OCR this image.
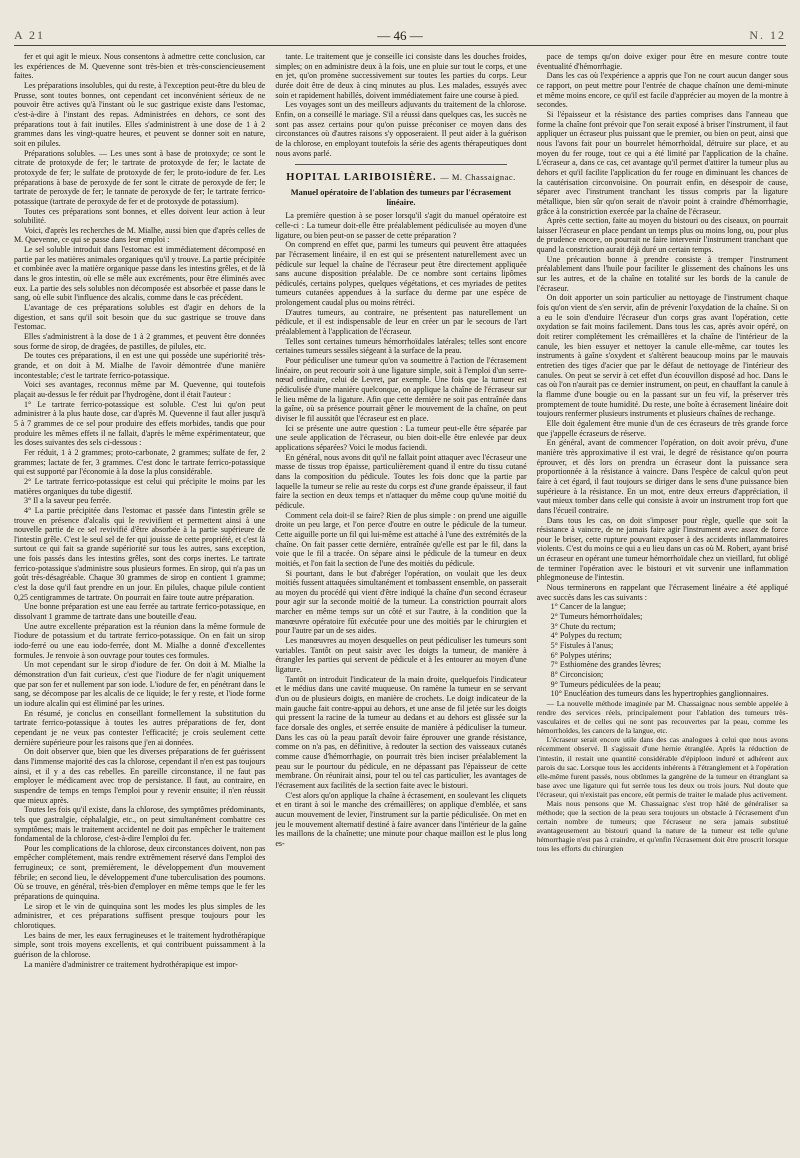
A 21	— 46 —	N. 12

fer et qui agit le mieux. Nous consentons à admettre cette conclusion, car les expériences de M. Quevenne sont très-bien et très-consciencieusement faites.

Les préparations insolubles, qui du reste, à l'exception peut-être du bleu de Prusse, sont toutes bonnes, ont cependant cet inconvénient sérieux de ne pouvoir être actives qu'à l'instant où le suc gastrique existe dans l'estomac, c'est-à-dire à l'instant des repas. Administrées en dehors, ce sont des préparations tout à fait inutiles. Elles s'administrent à une dose de 1 à 2 grammes dans les vingt-quatre heures, et peuvent se donner soit en nature, soit en pilules.

Préparations solubles. — Les unes sont à base de protoxyde; ce sont le citrate de protoxyde de fer; le tartrate de protoxyde de fer; le lactate de protoxyde de fer; le sulfate de protoxyde de fer; le proto-iodure de fer. Les préparations à base de peroxyde de fer sont le citrate de peroxyde de fer; le tartrate de peroxyde de fer; le tannate de peroxyde de fer; le tartrate ferrico-potassique (tartrate de peroxyde de fer et de protoxyde de potassium).

Toutes ces préparations sont bonnes, et elles doivent leur action à leur solubilité.

Voici, d'après les recherches de M. Mialhe, aussi bien que d'après celles de M. Quevenne, ce qui se passe dans leur emploi :

Le sel soluble introduit dans l'estomac est immédiatement décomposé en partie par les matières animales organiques qu'il y trouve. La partie précipitée et combinée avec la matière organique passe dans les intestins grêles, et de là dans le gros intestin, où elle se mêle aux excréments, pour être éliminés avec eux. La partie des sels solubles non décomposée est absorbée et passe dans le sang, où elle subit l'influence des alcalis, comme dans le cas précédent.

L'avantage de ces préparations solubles est d'agir en dehors de la digestion, et sans qu'il soit besoin que du suc gastrique se trouve dans l'estomac.

Elles s'administrent à la dose de 1 à 2 grammes, et peuvent être données sous forme de sirop, de dragées, de pastilles, de pilules, etc.

De toutes ces préparations, il en est une qui possède une supériorité très-grande, et on doit à M. Mialhe de l'avoir démontrée d'une manière incontestable; c'est le tartrate ferrico-potassique.

Voici ses avantages, reconnus même par M. Quevenne, qui toutefois plaçait au-dessus le fer réduit par l'hydrogène, dont il était l'auteur :

1° Le tartrate ferrico-potassique est soluble. C'est lui qu'on peut administrer à la plus haute dose, car d'après M. Quevenne il faut aller jusqu'à 5 à 7 grammes de ce sel pour produire des effets morbides, tandis que pour produire les mêmes effets il ne fallait, d'après le même expérimentateur, que les doses suivantes des sels ci-dessous :

Fer réduit, 1 à 2 grammes; proto-carbonate, 2 grammes; sulfate de fer, 2 grammes; lactate de fer, 3 grammes. C'est donc le tartrate ferrico-potassique qui est supporté par l'économie à la dose la plus considérable.

2° Le tartrate ferrico-potassique est celui qui précipite le moins par les matières organiques du tube digestif.

3° Il a la saveur peu ferrée.

4° La partie précipitée dans l'estomac et passée dans l'intestin grêle se trouve en présence d'alcalis qui le revivifient et permettent ainsi à une nouvelle partie de ce sel revivifié d'être absorbée à la partie supérieure de l'intestin grêle. C'est le seul sel de fer qui jouisse de cette propriété, et c'est là surtout ce qui fait sa grande supériorité sur tous les autres, sans exception, une fois passés dans les intestins grêles, sont des corps inertes. Le tartrate ferrico-potassique s'administre sous plusieurs formes. En sirop, qui n'a pas un goût très-désagréable. Chaque 30 grammes de sirop en contient 1 gramme; c'est la dose qu'il faut prendre en un jour. En pilules, chaque pilule contient 0,25 centigrammes de tartrate. On pourrait en faire toute autre préparation.

Une bonne préparation est une eau ferrée au tartrate ferrico-potassique, en dissolvant 1 gramme de tartrate dans une bouteille d'eau.

Une autre excellente préparation est la réunion dans la même formule de l'iodure de potassium et du tartrate ferrico-potassique. On en fait un sirop iodo-ferré ou une eau iodo-ferrée, dont M. Mialhe a donné d'excellentes formules. Je renvoie à son ouvrage pour toutes ces formules.

Un mot cependant sur le sirop d'iodure de fer. On doit à M. Mialhe la démonstration d'un fait curieux, c'est que l'iodure de fer n'agit uniquement que par son fer et nullement par son iode. L'iodure de fer, en pénétrant dans le sang, se décompose par les alcalis de ce liquide; le fer y reste, et l'iode forme un iodure alcalin qui est éliminé par les urines.

En résumé, je conclus en conseillant formellement la substitution du tartrate ferrico-potassique à toutes les autres préparations de fer, dont cependant je ne veux pas contester l'efficacité; je crois seulement cette dernière supérieure pour les raisons que j'en ai données.

On doit observer que, bien que les diverses préparations de fer guérissent dans l'immense majorité des cas la chlorose, cependant il n'en est pas toujours ainsi, et il y a des cas rebelles. En pareille circonstance, il ne faut pas employer le médicament avec trop de persistance. Il faut, au contraire, en suspendre de temps en temps l'emploi pour y revenir ensuite; il n'en réussit que mieux après.

Toutes les fois qu'il existe, dans la chlorose, des symptômes prédominants, tels que gastralgie, céphalalgie, etc., on peut simultanément combattre ces symptômes; mais le traitement accidentel ne doit pas empêcher le traitement fondamental de la chlorose, c'est-à-dire l'emploi du fer.

Pour les complications de la chlorose, deux circonstances doivent, non pas empêcher complétement, mais rendre extrêmement réservé dans l'emploi des ferrugineux; ce sont, premièrement, le développement d'un mouvement fébrile; en second lieu, le développement d'une tuberculisation des poumons. Où se trouve, en général, très-bien d'employer en même temps que le fer les préparations de quinquina.

Le sirop et le vin de quinquina sont les modes les plus simples de les administrer, et ces préparations suffisent presque toujours pour les chlorotiques.

Les bains de mer, les eaux ferrugineuses et le traitement hydrothérapique simple, sont trois moyens excellents, et qui contribuent puissamment à la guérison de la chlorose.

La manière d'administrer ce traitement hydrothérapique est impor-

tante. Le traitement que je conseille ici consiste dans les douches froides, simples; on en administre deux à la fois, une en pluie sur tout le corps, et une en jet, qu'on promène successivement sur toutes les parties du corps. Leur durée doit être de deux à cinq minutes au plus. Les malades, essuyés avec soin et rapidement habillés, doivent immédiatement faire une course à pied.

Les voyages sont un des meilleurs adjuvants du traitement de la chlorose. Enfin, on a conseillé le mariage. S'il a réussi dans quelques cas, les succès ne sont pas assez certains pour qu'on puisse préconiser ce moyen dans des circonstances où d'autres raisons s'y opposeraient. Il peut aider à la guérison de la chlorose, en employant toutefois la série des agents thérapeutiques dont nous avons parlé.

HOPITAL LARIBOISIÈRE. — M. Chassaignac.
Manuel opératoire de l'ablation des tumeurs par l'écrasement linéaire.

La première question à se poser lorsqu'il s'agit du manuel opératoire est celle-ci : La tumeur doit-elle être préalablement pédiculisée au moyen d'une ligature, ou bien peut-on se passer de cette préparation ?

On comprend en effet que, parmi les tumeurs qui peuvent être attaquées par l'écrasement linéaire, il en est qui se présentent naturellement avec un pédicule sur lequel la chaîne de l'écraseur peut être directement appliquée sans aucune disposition préalable. De ce nombre sont certains lipômes pédiculés, certains polypes, quelques végétations, et ces myriades de petites tumeurs cutanées appendues à la surface du derme par une espèce de prolongement caudal plus ou moins rétréci.

D'autres tumeurs, au contraire, ne présentent pas naturellement un pédicule, et il est indispensable de leur en créer un par le secours de l'art préalablement à l'application de l'écraseur.

Telles sont certaines tumeurs hémorrhoïdales latérales; telles sont encore certaines tumeurs sessiles siégeant à la surface de la peau.

Pour pédiculiser une tumeur qu'on va soumettre à l'action de l'écrasement linéaire, on peut recourir soit à une ligature simple, soit à l'emploi d'un serre-nœud ordinaire, celui de Levret, par exemple. Une fois que la tumeur est pédiculisée d'une manière quelconque, on applique la chaîne de l'écraseur sur le lieu même de la ligature. Afin que cette dernière ne soit pas entraînée dans la gaîne, où sa présence pourrait gêner le mouvement de la chaîne, on peut diviser le fil aussitôt que l'écraseur est en place.

Ici se présente une autre question : La tumeur peut-elle être séparée par une seule application de l'écraseur, ou bien doit-elle être enlevée par deux applications séparées? Voici le modus faciendi.

En général, nous avons dit qu'il ne fallait point attaquer avec l'écraseur une masse de tissus trop épaisse, particulièrement quand il entre du tissu cutané dans la composition du pédicule. Toutes les fois donc que la partie par laquelle la tumeur se relie au reste du corps est d'une grande épaisseur, il faut faire la section en deux temps et n'attaquer du même coup qu'une moitié du pédicule.

Comment cela doit-il se faire? Rien de plus simple : on prend une aiguille droite un peu large, et l'on perce d'outre en outre le pédicule de la tumeur. Cette aiguille porte un fil qui lui-même est attaché à l'une des extrémités de la chaîne. On fait passer cette dernière, entraînée qu'elle est par le fil, dans la voie que le fil a tracée. On sépare ainsi le pédicule de la tumeur en deux moitiés, et l'on fait la section de l'une des moitiés du pédicule.

Si pourtant, dans le but d'abréger l'opération, on voulait que les deux moitiés fussent attaquées simultanément et tombassent ensemble, on passerait au moyen du procédé qui vient d'être indiqué la chaîne d'un second écraseur pour agir sur la seconde moitié de la tumeur. La constriction pourrait alors marcher en même temps sur un côté et sur l'autre, à la condition que la manœuvre opératoire fût exécutée pour une des moitiés par le chirurgien et pour l'autre par un de ses aides.

Les manœuvres au moyen desquelles on peut pédiculiser les tumeurs sont variables. Tantôt on peut saisir avec les doigts la tumeur, de manière à étrangler les parties qui servent de pédicule et à les entourer au moyen d'une ligature.

Tantôt on introduit l'indicateur de la main droite, quelquefois l'indicateur et le médius dans une cavité muqueuse. On ramène la tumeur en se servant d'un ou de plusieurs doigts, en manière de crochets. Le doigt indicateur de la main gauche fait contre-appui au dehors, et une anse de fil jetée sur les doigts qui pressent la racine de la tumeur au dedans et au dehors est glissée sur la face dorsale des ongles, et serrée ensuite de manière à pédiculiser la tumeur. Dans les cas où la peau paraît devoir faire éprouver une grande résistance, comme on n'a pas, en définitive, à redouter la section des vaisseaux cutanés comme cause d'hémorrhagie, on pourrait très bien inciser préalablement la peau sur le pourtour du pédicule, en ne dépassant pas l'épaisseur de cette membrane. On réunirait ainsi, pour tel ou tel cas particulier, les avantages de l'écrasement aux facilités de la section faite avec le bistouri.

C'est alors qu'on applique la chaîne à écrasement, en soulevant les cliquets et en tirant à soi le manche des crémaillères; on applique d'emblée, et sans aucun mouvement de levier, l'instrument sur la partie pédiculisée. On met en jeu le mouvement alternatif destiné à faire avancer dans l'intérieur de la gaîne les maillons de la chaînette; une minute pour chaque maillon est le plus long es-

pace de temps qu'on doive exiger pour être en mesure contre toute éventualité d'hémorrhagie.

Dans les cas où l'expérience a appris que l'on ne court aucun danger sous ce rapport, on peut mettre pour l'entrée de chaque chaînon une demi-minute et même moins encore, ce qu'il est facile d'apprécier au moyen de la montre à secondes.

Si l'épaisseur et la résistance des parties comprises dans l'anneau que forme la chaîne font prévoir que l'on serait exposé à briser l'instrument, il faut appliquer un écraseur plus puissant que le premier, ou bien on peut, ainsi que nous l'avons fait pour un bourrelet hémorrhoïdal, détruire sur place, et au moyen du fer rouge, tout ce qui a été limité par l'application de la chaîne. L'écraseur a, dans ce cas, cet avantage qu'il permet d'attirer la tumeur plus au dehors et qu'il facilite l'application du fer rouge en diminuant les chances de la cautérisation circonvoisine. On pourrait enfin, en désespoir de cause, séparer avec l'instrument tranchant les tissus compris par la ligature métallique, bien sûr qu'on serait de n'avoir point à craindre d'hémorrhagie, grâce à la constriction exercée par la chaîne de l'écraseur.

Après cette section, faite au moyen du bistouri ou des ciseaux, on pourrait laisser l'écraseur en place pendant un temps plus ou moins long, ou, pour plus de prudence encore, on pourrait ne faire intervenir l'instrument tranchant que quand la constriction aurait déjà duré un certain temps.

Une précaution bonne à prendre consiste à tremper l'instrument préalablement dans l'huile pour faciliter le glissement des chaînons les uns sur les autres, et de la chaîne en totalité sur les bords de la canule de l'écraseur.

On doit apporter un soin particulier au nettoyage de l'instrument chaque fois qu'on vient de s'en servir, afin de prévenir l'oxydation de la chaîne. Si on a eu le soin d'enduire l'écraseur d'un corps gras avant l'opération, cette oxydation se fait moins facilement. Dans tous les cas, après avoir opéré, on doit retirer complétement les crémaillères et la chaîne de l'intérieur de la canule, les bien essuyer et nettoyer la canule elle-même, car toutes les instruments à gaîne s'oxydent et s'altèrent beaucoup moins par le mauvais entretien des tiges d'acier que par le défaut de nettoyage de l'intérieur des canules. On peut se servir à cet effet d'un écouvillon disposé ad hoc. Dans le cas où l'on n'aurait pas ce dernier instrument, on peut, en chauffant la canule à la flamme d'une bougie ou en la passant sur un feu vif, la préserver très promptement de toute humidité. Du reste, une boîte à écrasement linéaire doit toujours renfermer plusieurs instruments et plusieurs chaînes de rechange.

Elle doit également être munie d'un de ces écraseurs de très grande force que j'appelle écraseurs de réserve.

En général, avant de commencer l'opération, on doit avoir prévu, d'une manière très approximative il est vrai, le degré de résistance qu'on pourra éprouver, et dès lors on prendra un écraseur dont la puissance sera proportionnée à la résistance à vaincre. Dans l'espèce de calcul qu'on peut faire à cet égard, il faut toujours se diriger dans le sens d'une puissance bien supérieure à la résistance. En un mot, entre deux erreurs d'appréciation, il vaut mieux tomber dans celle qui consiste à avoir un instrument trop fort que dans l'écueil contraire.

Dans tous les cas, on doit s'imposer pour règle, quelle que soit la résistance à vaincre, de ne jamais faire agir l'instrument avec assez de force pour le briser, cette rupture pouvant exposer à des accidents inflammatoires violents. C'est du moins ce qui a eu lieu dans un cas où M. Robert, ayant brisé un écraseur en opérant une tumeur hémorrhoïdale chez un vieillard, fut obligé de terminer l'opération avec le bistouri et vit survenir une inflammation phlegmoneuse de l'intestin.

Nous terminerons en rappelant que l'écrasement linéaire a été appliqué avec succès dans les cas suivants :

1° Cancer de la langue;

2° Tumeurs hémorrhoïdales;

3° Chute du rectum;

4° Polypes du rectum;

5° Fistules à l'anus;

6° Polypes utérins;

7° Esthiomène des grandes lèvres;

8° Circoncision;

9° Tumeurs pédiculées de la peau;

10° Enucléation des tumeurs dans les hypertrophies ganglionnaires.

— La nouvelle méthode imaginée par M. Chassaignac nous semble appelée à rendre des services réels, principalement pour l'ablation des tumeurs très-vasculaires et de celles qui ne sont pas recouvertes par la peau, comme les hémorrhoïdes, les cancers de la langue, etc.

L'écraseur serait encore utile dans des cas analogues à celui que nous avons récemment observé. Il s'agissait d'une hernie étranglée. Après la réduction de l'intestin, il restait une quantité considérable d'épiploon induré et adhérent aux parois du sac. Lorsque tous les accidents inhérents à l'étranglement et à l'opération elle-même furent passés, nous obtînmes la gangrène de la tumeur en étranglant sa base avec une ligature qui fut serrée tous les deux ou trois jours. Nul doute que l'écraseur, qui n'existait pas encore, eût permis de traiter le malade plus activement.

Mais nous pensons que M. Chassaignac s'est trop hâté de généraliser sa méthode; que la section de la peau sera toujours un obstacle à l'écrasement d'un certain nombre de tumeurs; que l'écraseur ne sera jamais substitué avantageusement au bistouri quand la nature de la tumeur est telle qu'une hémorrhagie n'est pas à craindre, et qu'enfin l'écrasement doit être proscrit lorsque tous les efforts du chirurgien
